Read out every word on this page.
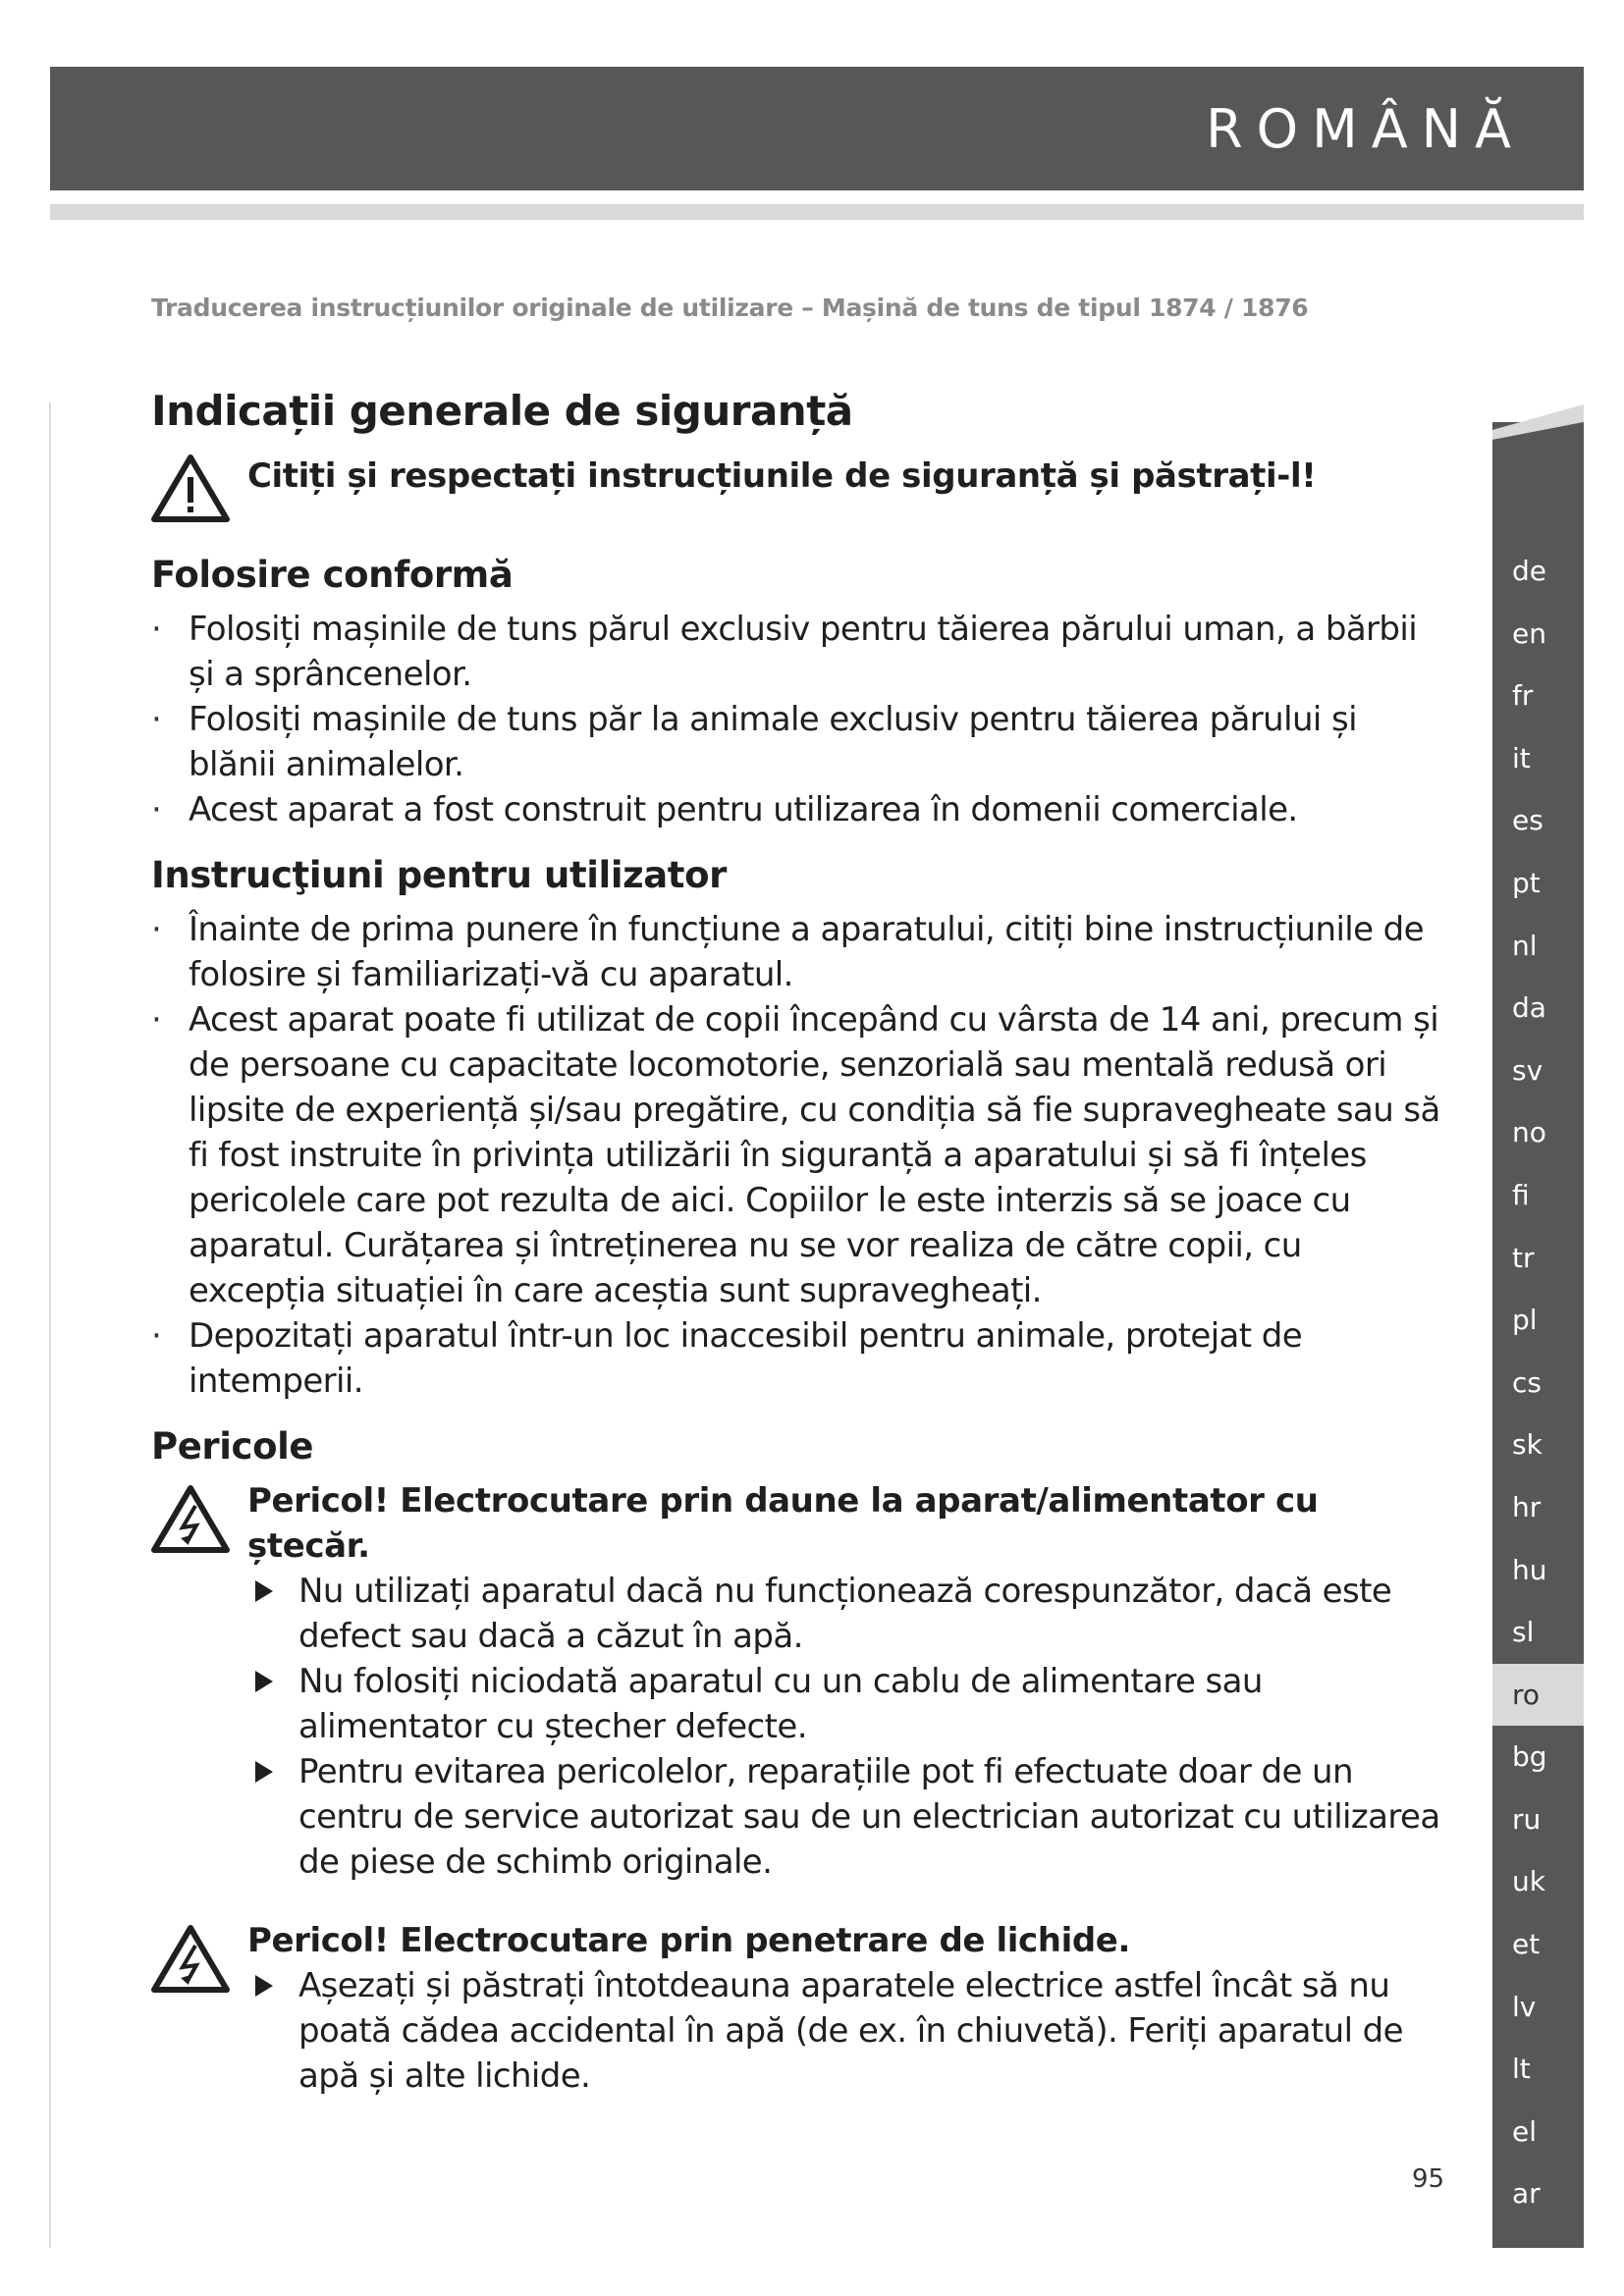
ROMÂNĂ
Traducerea instrucțiunilor originale de utilizare – Mașină de tuns de tipul 1874 / 1876
Indicații generale de siguranță
Citiți și respectați instrucțiunile de siguranță și păstrați-l!
Folosire conformă
· Folosiți mașinile de tuns părul exclusiv pentru tăierea părului uman, a bărbii și a sprâncenelor.
· Folosiți mașinile de tuns păr la animale exclusiv pentru tăierea părului și blănii animalelor.
· Acest aparat a fost construit pentru utilizarea în domenii comerciale.
Instrucţiuni pentru utilizator
· Înainte de prima punere în funcțiune a aparatului, citiți bine instrucțiunile de folosire și familiarizați-vă cu aparatul.
· Acest aparat poate fi utilizat de copii începând cu vârsta de 14 ani, precum și de persoane cu capacitate locomotorie, senzorială sau mentală redusă ori lipsite de experiență și/sau pregătire, cu condiția să fie supravegheate sau să fi fost instruite în privința utilizării în siguranță a aparatului și să fi înțeles pericolele care pot rezulta de aici. Copiilor le este interzis să se joace cu aparatul. Curățarea și întreținerea nu se vor realiza de către copii, cu excepția situației în care aceștia sunt supravegheați.
· Depozitați aparatul într-un loc inaccesibil pentru animale, protejat de intemperii.
Pericole

Pericol! Electrocutare prin daune la aparat/alimentator cu ștecăr.

Nu utilizați aparatul dacă nu funcționează corespunzător, dacă este defect sau dacă a căzut în apă.
Nu folosiți niciodată aparatul cu un cablu de alimentare sau alimentator cu ștecher defecte.
Pentru evitarea pericolelor, reparațiile pot fi efectuate doar de un centru de service autorizat sau de un electrician autorizat cu utilizarea de piese de schimb originale.

Pericol! Electrocutare prin penetrare de lichide.

Așezați și păstrați întotdeauna aparatele electrice astfel încât să nu poată cădea accidental în apă (de ex. în chiuvetă). Feriți aparatul de apă și alte lichide.
95
de
en
fr
it
es
pt
nl
da
sv
no
fi
tr
pl
cs
sk
hr
hu
sl
ro
bg
ru
uk
et
lv
lt
el
ar
